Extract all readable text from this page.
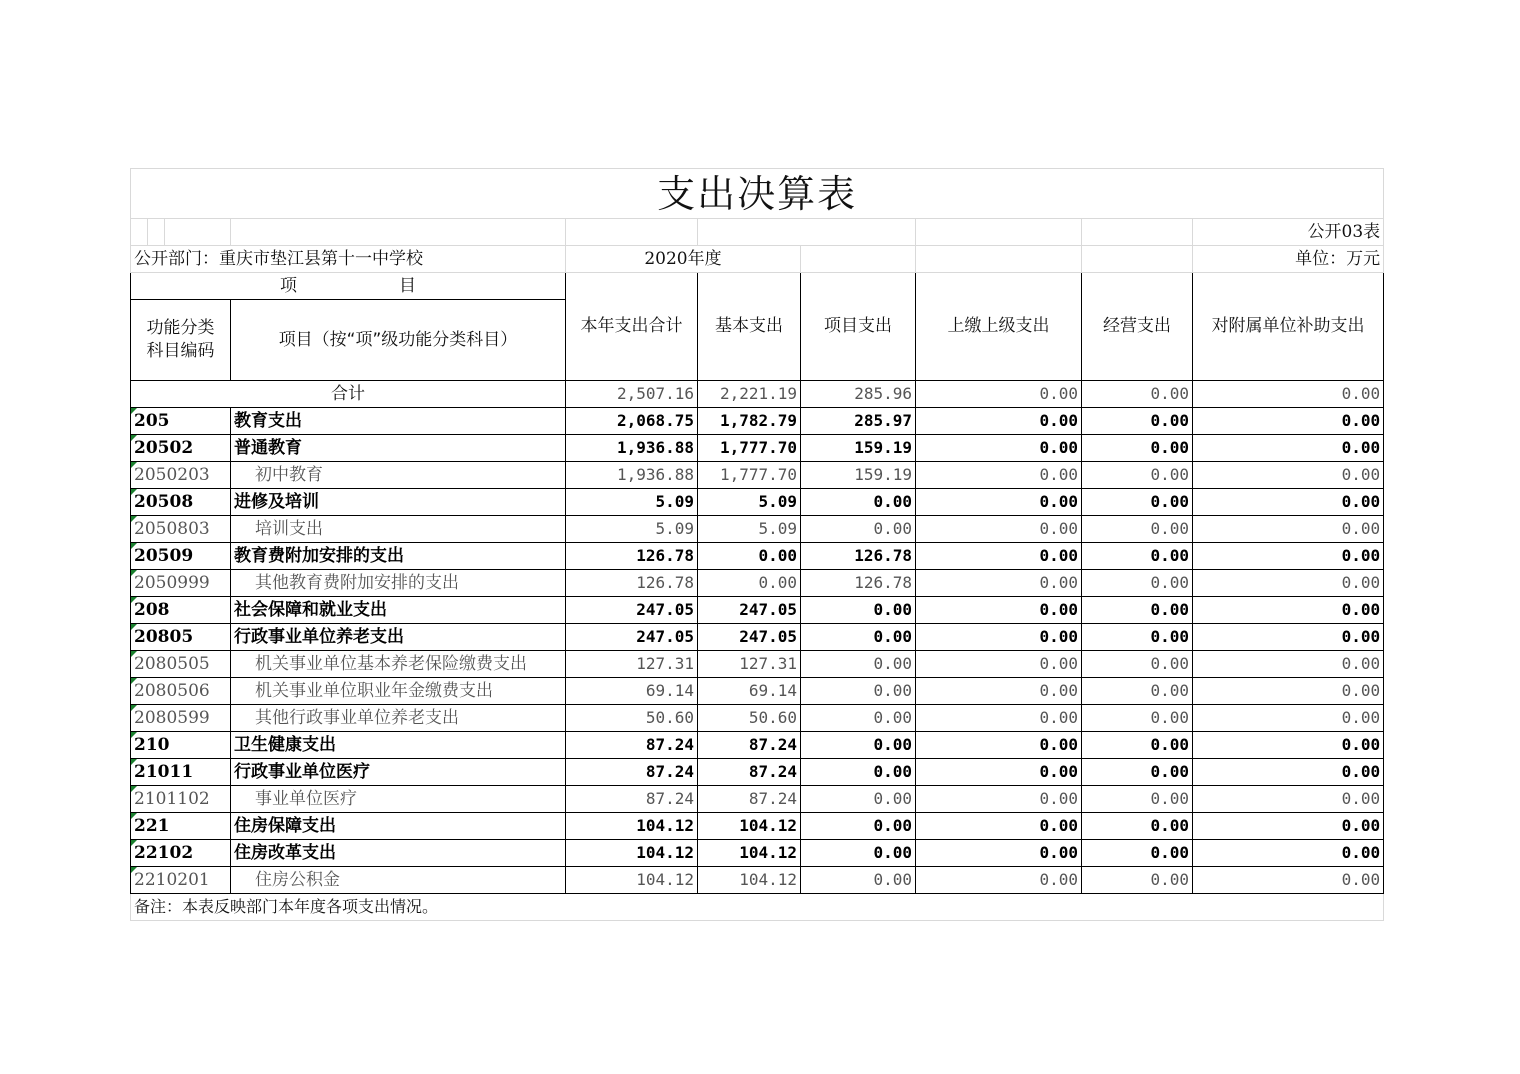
支出决算表									
									公开03表
公开部门：重庆市垫江县第十一中学校				2020年度					单位：万元
项　　　　　　目				本年支出合计	基本支出	项目支出	上缴上级支出	经营支出	对附属单位补助支出
功能分类科目编码			项目（按“项”级功能分类科目）						

合计				2,507.16	2,221.19	285.96	0.00	0.00	0.00
205			教育支出	2,068.75	1,782.79	285.97	0.00	0.00	0.00
20502			普通教育	1,936.88	1,777.70	159.19	0.00	0.00	0.00
2050203			初中教育	1,936.88	1,777.70	159.19	0.00	0.00	0.00
20508			进修及培训	5.09	5.09	0.00	0.00	0.00	0.00
2050803			培训支出	5.09	5.09	0.00	0.00	0.00	0.00
20509			教育费附加安排的支出	126.78	0.00	126.78	0.00	0.00	0.00
2050999			其他教育费附加安排的支出	126.78	0.00	126.78	0.00	0.00	0.00
208			社会保障和就业支出	247.05	247.05	0.00	0.00	0.00	0.00
20805			行政事业单位养老支出	247.05	247.05	0.00	0.00	0.00	0.00
2080505			机关事业单位基本养老保险缴费支出	127.31	127.31	0.00	0.00	0.00	0.00
2080506			机关事业单位职业年金缴费支出	69.14	69.14	0.00	0.00	0.00	0.00
2080599			其他行政事业单位养老支出	50.60	50.60	0.00	0.00	0.00	0.00
210			卫生健康支出	87.24	87.24	0.00	0.00	0.00	0.00
21011			行政事业单位医疗	87.24	87.24	0.00	0.00	0.00	0.00
2101102			事业单位医疗	87.24	87.24	0.00	0.00	0.00	0.00
221			住房保障支出	104.12	104.12	0.00	0.00	0.00	0.00
22102			住房改革支出	104.12	104.12	0.00	0.00	0.00	0.00
2210201			住房公积金	104.12	104.12	0.00	0.00	0.00	0.00
备注：本表反映部门本年度各项支出情况。									
